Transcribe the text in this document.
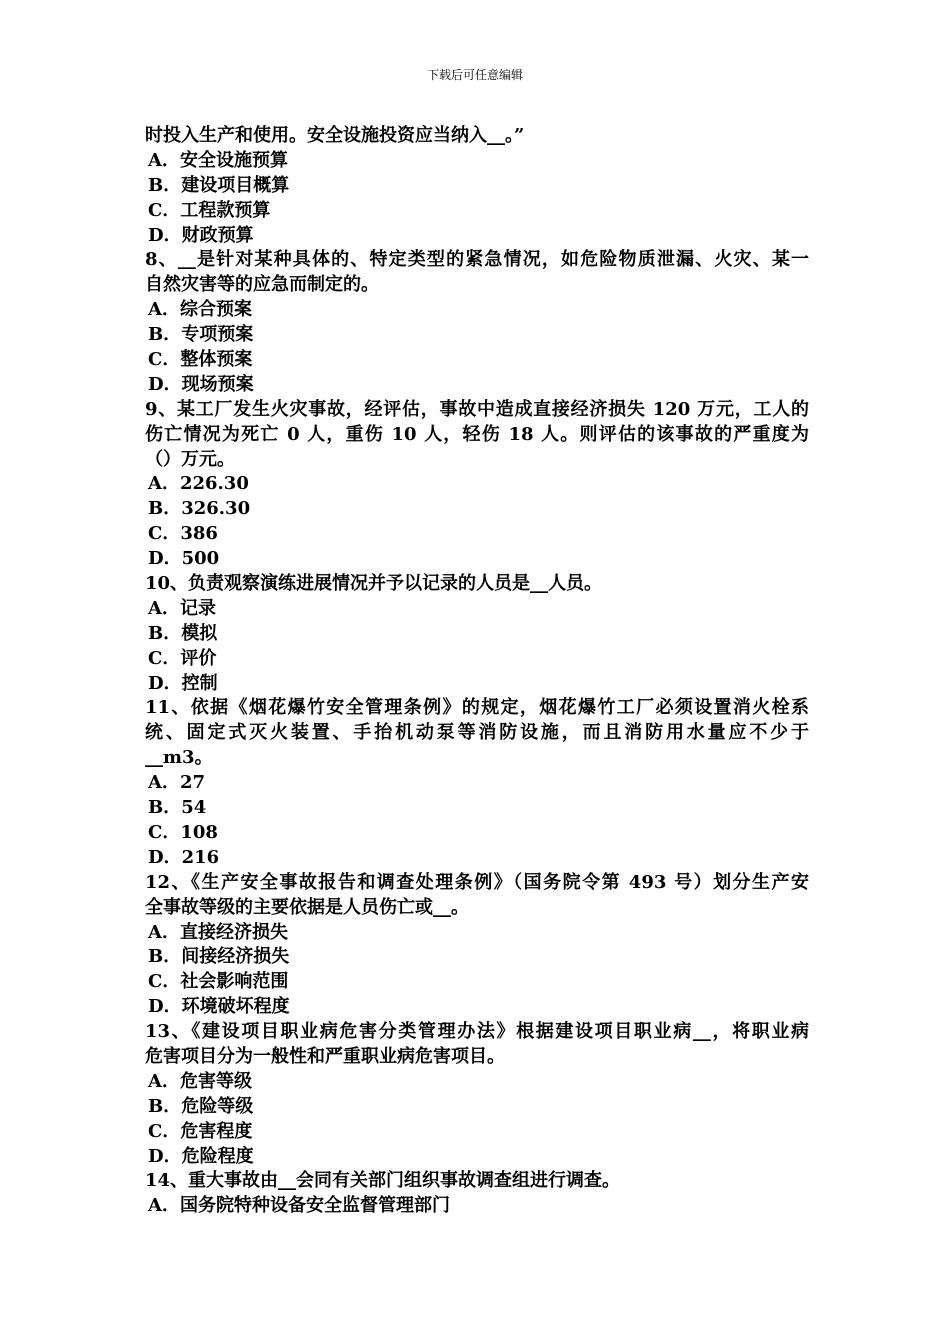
下载后可任意编辑
时投入生产和使用。安全设施投资应当纳入__。”
A．安全设施预算
B．建设项目概算
C．工程款预算
D．财政预算
8、__是针对某种具体的、特定类型的紧急情况，如危险物质泄漏、火灾、某一
自然灾害等的应急而制定的。
A．综合预案
B．专项预案
C．整体预案
D．现场预案
9、某工厂发生火灾事故，经评估，事故中造成直接经济损失 120 万元，工人的
伤亡情况为死亡 0 人，重伤 10 人，轻伤 18 人。则评估的该事故的严重度为
（）万元。
A．226.30
B．326.30
C．386
D．500
10、负责观察演练进展情况并予以记录的人员是__人员。
A．记录
B．模拟
C．评价
D．控制
11、依据《烟花爆竹安全管理条例》的规定，烟花爆竹工厂必须设置消火栓系
统、固定式灭火装置、手抬机动泵等消防设施，而且消防用水量应不少于
__m3。
A．27
B．54
C．108
D．216
12、《生产安全事故报告和调查处理条例》（国务院令第 493 号）划分生产安
全事故等级的主要依据是人员伤亡或__。
A．直接经济损失
B．间接经济损失
C．社会影响范围
D．环境破坏程度
13、《建设项目职业病危害分类管理办法》根据建设项目职业病__，将职业病
危害项目分为一般性和严重职业病危害项目。
A．危害等级
B．危险等级
C．危害程度
D．危险程度
14、重大事故由__会同有关部门组织事故调查组进行调查。
A．国务院特种设备安全监督管理部门
